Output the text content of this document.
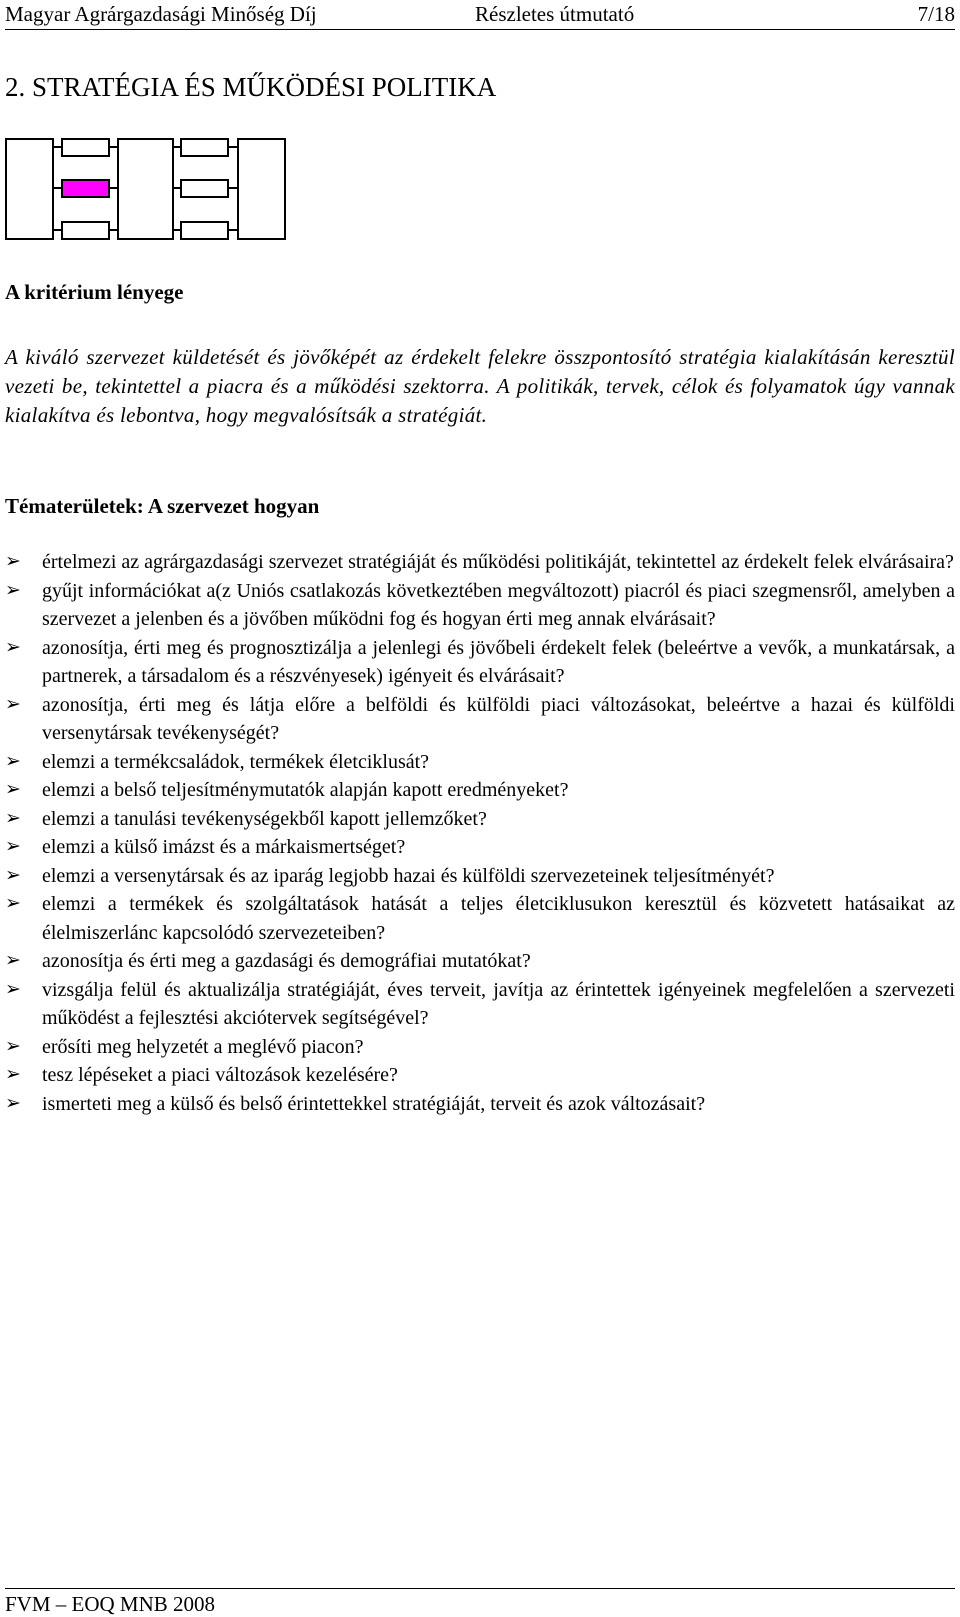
Magyar Agrárgazdasági Minőség Díj	Részletes útmutató	7/18
2. STRATÉGIA ÉS MŰKÖDÉSI POLITIKA
A kritérium lényege

A kiváló szervezet küldetését és jövőképét az érdekelt felekre összpontosító stratégia kialakításán keresztül vezeti be, tekintettel a piacra és a működési szektorra. A politikák, tervek, célok és folyamatok úgy vannak kialakítva és lebontva, hogy megvalósítsák a stratégiát.

Tématerületek: A szervezet hogyan
➢ értelmezi az agrárgazdasági szervezet stratégiáját és működési politikáját, tekintettel az érdekelt felek elvárásaira?
➢ gyűjt információkat a(z Uniós csatlakozás következtében megváltozott) piacról és piaci szegmensről, amelyben a szervezet a jelenben és a jövőben működni fog és hogyan érti meg annak elvárásait?
➢ azonosítja, érti meg és prognosztizálja a jelenlegi és jövőbeli érdekelt felek (beleértve a vevők, a munkatársak, a partnerek, a társadalom és a részvényesek) igényeit és elvárásait?
➢ azonosítja, érti meg és látja előre a belföldi és külföldi piaci változásokat, beleértve a hazai és külföldi versenytársak tevékenységét?
➢ elemzi a termékcsaládok, termékek életciklusát?
➢ elemzi a belső teljesítménymutatók alapján kapott eredményeket?
➢ elemzi a tanulási tevékenységekből kapott jellemzőket?
➢ elemzi a külső imázst és a márkaismertséget?
➢ elemzi a versenytársak és az iparág legjobb hazai és külföldi szervezeteinek teljesítményét?
➢ elemzi a termékek és szolgáltatások hatását a teljes életciklusukon keresztül és közvetett hatásaikat az élelmiszerlánc kapcsolódó szervezeteiben?
➢ azonosítja és érti meg a gazdasági és demográfiai mutatókat?
➢ vizsgálja felül és aktualizálja stratégiáját, éves terveit, javítja az érintettek igényeinek megfelelően a szervezeti működést a fejlesztési akciótervek segítségével?
➢ erősíti meg helyzetét a meglévő piacon?
➢ tesz lépéseket a piaci változások kezelésére?
➢ ismerteti meg a külső és belső érintettekkel stratégiáját, terveit és azok változásait?
FVM – EOQ MNB 2008
